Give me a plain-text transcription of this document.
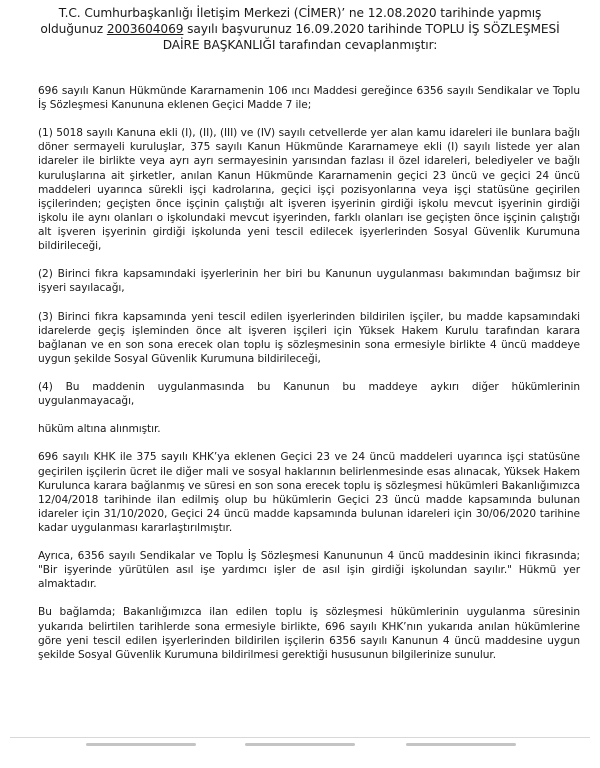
T.C. Cumhurbaşkanlığı İletişim Merkezi (CİMER)’ ne 12.08.2020 tarihinde yapmış
olduğunuz 2003604069 sayılı başvurunuz 16.09.2020 tarihinde TOPLU İŞ SÖZLEŞMESİ
DAİRE BAŞKANLIĞI tarafından cevaplanmıştır:

696 sayılı Kanun Hükmünde Kararnamenin 106 ıncı Maddesi gereğince 6356 sayılı Sendikalar ve Toplu İş Sözleşmesi Kanununa eklenen Geçici Madde 7 ile;

(1) 5018 sayılı Kanuna ekli (I), (II), (III) ve (IV) sayılı cetvellerde yer alan kamu idareleri ile bunlara bağlı döner sermayeli kuruluşlar, 375 sayılı Kanun Hükmünde Kararnameye ekli (I) sayılı listede yer alan idareler ile birlikte veya ayrı ayrı sermayesinin yarısından fazlası il özel idareleri, belediyeler ve bağlı kuruluşlarına ait şirketler, anılan Kanun Hükmünde Kararnamenin geçici 23 üncü ve geçici 24 üncü maddeleri uyarınca sürekli işçi kadrolarına, geçici işçi pozisyonlarına veya işçi statüsüne geçirilen işçilerinden; geçişten önce işçinin çalıştığı alt işveren işyerinin girdiği işkolu mevcut işyerinin girdiği işkolu ile aynı olanları o işkolundaki mevcut işyerinden, farklı olanları ise geçişten önce işçinin çalıştığı alt işveren işyerinin girdiği işkolunda yeni tescil edilecek işyerlerinden Sosyal Güvenlik Kurumuna bildirileceği,

(2) Birinci fıkra kapsamındaki işyerlerinin her biri bu Kanunun uygulanması bakımından bağımsız bir işyeri sayılacağı,

(3) Birinci fıkra kapsamında yeni tescil edilen işyerlerinden bildirilen işçiler, bu madde kapsamındaki idarelerde geçiş işleminden önce alt işveren işçileri için Yüksek Hakem Kurulu tarafından karara bağlanan ve en son sona erecek olan toplu iş sözleşmesinin sona ermesiyle birlikte 4 üncü maddeye uygun şekilde Sosyal Güvenlik Kurumuna bildirileceği,

(4) Bu maddenin uygulanmasında bu Kanunun bu maddeye aykırı diğer hükümlerinin uygulanmayacağı,

hüküm altına alınmıştır.

696 sayılı KHK ile 375 sayılı KHK’ya eklenen Geçici 23 ve 24 üncü maddeleri uyarınca işçi statüsüne geçirilen işçilerin ücret ile diğer mali ve sosyal haklarının belirlenmesinde esas alınacak, Yüksek Hakem Kurulunca karara bağlanmış ve süresi en son sona erecek toplu iş sözleşmesi hükümleri Bakanlığımızca 12/04/2018 tarihinde ilan edilmiş olup bu hükümlerin Geçici 23 üncü madde kapsamında bulunan idareler için 31/10/2020, Geçici 24 üncü madde kapsamında bulunan idareleri için 30/06/2020 tarihine kadar uygulanması kararlaştırılmıştır.

Ayrıca, 6356 sayılı Sendikalar ve Toplu İş Sözleşmesi Kanununun 4 üncü maddesinin ikinci fıkrasında; "Bir işyerinde yürütülen asıl işe yardımcı işler de asıl işin girdiği işkolundan sayılır." Hükmü yer almaktadır.

Bu bağlamda; Bakanlığımızca ilan edilen toplu iş sözleşmesi hükümlerinin uygulanma süresinin yukarıda belirtilen tarihlerde sona ermesiyle birlikte, 696 sayılı KHK’nın yukarıda anılan hükümlerine göre yeni tescil edilen işyerlerinden bildirilen işçilerin 6356 sayılı Kanunun 4 üncü maddesine uygun şekilde Sosyal Güvenlik Kurumuna bildirilmesi gerektiği hususunun bilgilerinize sunulur.
